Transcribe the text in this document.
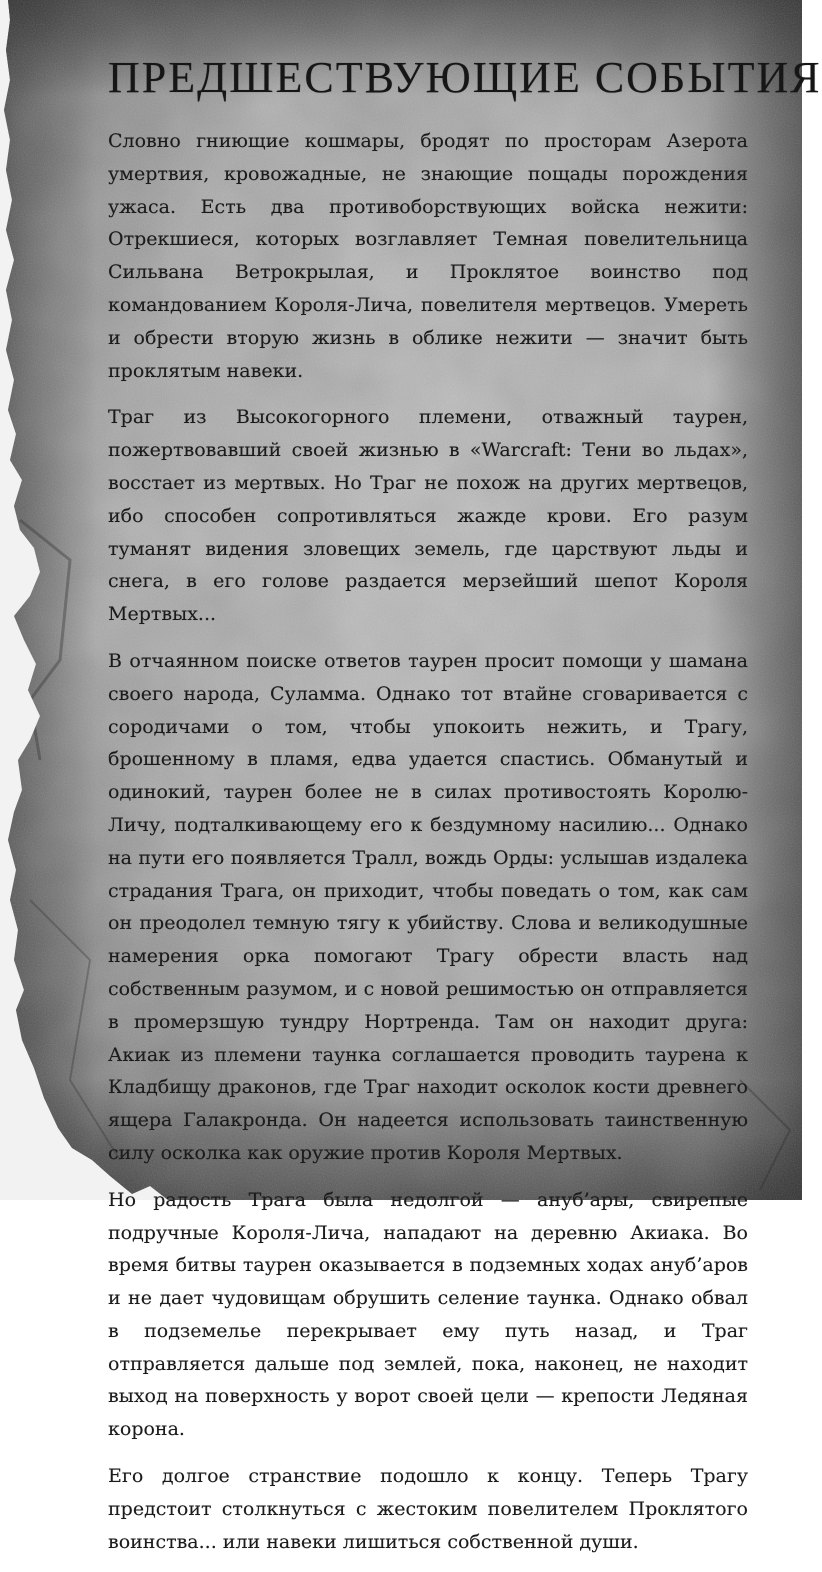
ПРЕДШЕСТВУЮЩИЕ СОБЫТИЯ

Словно гниющие кошмары, бродят по просторам Азерота умертвия, кровожадные, не знающие пощады порождения ужаса. Есть два противоборствующих войска нежити: Отрекшиеся, которых возглавляет Темная повелительница Сильвана Ветрокрылая, и Проклятое воинство под командованием Короля-Лича, повелителя мертвецов. Умереть и обрести вторую жизнь в облике нежити — значит быть проклятым навеки.

Траг из Высокогорного племени, отважный таурен, пожертвовавший своей жизнью в «Warcraft: Тени во льдах», восстает из мертвых. Но Траг не похож на других мертвецов, ибо способен сопротивляться жажде крови. Его разум туманят видения зловещих земель, где царствуют льды и снега, в его голове раздается мерзейший шепот Короля Мертвых...

В отчаянном поиске ответов таурен просит помощи у шамана своего народа, Суламма. Однако тот втайне сговаривается с сородичами о том, чтобы упокоить нежить, и Трагу, брошенному в пламя, едва удается спастись. Обманутый и одинокий, таурен более не в силах противостоять Королю-Личу, подталкивающему его к бездумному насилию... Однако на пути его появляется Тралл, вождь Орды: услышав издалека страдания Трага, он приходит, чтобы поведать о том, как сам он преодолел темную тягу к убийству. Слова и великодушные намерения орка помогают Трагу обрести власть над собственным разумом, и с новой решимостью он отправляется в промерзшую тундру Нортренда. Там он находит друга: Акиак из племени таунка соглашается проводить таурена к Кладбищу драконов, где Траг находит осколок кости древнего ящера Галакронда. Он надеется использовать таинственную силу осколка как оружие против Короля Мертвых.

Но радость Трага была недолгой — ануб’ары, свирепые подручные Короля-Лича, нападают на деревню Акиака. Во время битвы таурен оказывается в подземных ходах ануб’аров и не дает чудовищам обрушить селение таунка. Однако обвал в подземелье перекрывает ему путь назад, и Траг отправляется дальше под землей, пока, наконец, не находит выход на поверхность у ворот своей цели — крепости Ледяная корона.

Его долгое странствие подошло к концу. Теперь Трагу предстоит столкнуться с жестоким повелителем Проклятого воинства... или навеки лишиться собственной души.
